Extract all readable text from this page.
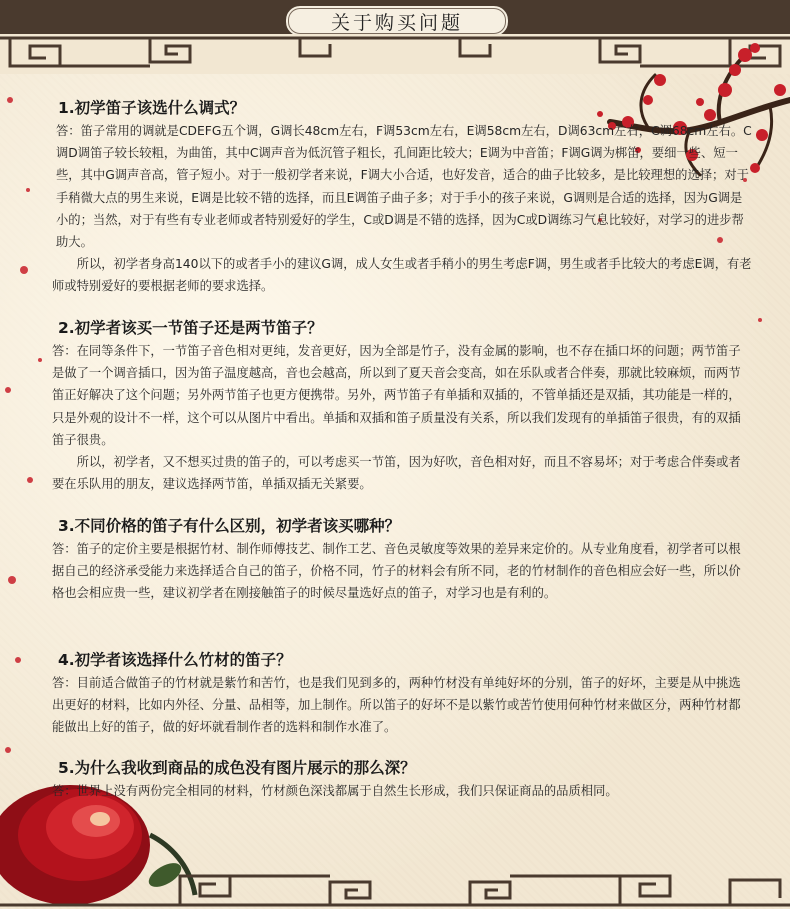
关于购买问题
1.初学笛子该选什么调式？

答：笛子常用的调就是CDEFG五个调，G调长48cm左右，F调53cm左右，E调58cm左右，D调63cm左右，C调68cm左右。C调D调笛子较长较粗，为曲笛，其中C调声音为低沉管子粗长，孔间距比较大；E调为中音笛；F调G调为梆笛，要细一些、短一些，其中G调声音高，管子短小。对于一般初学者来说，F调大小合适，也好发音，适合的曲子比较多，是比较理想的选择；对于手稍微大点的男生来说，E调是比较不错的选择，而且E调笛子曲子多；对于手小的孩子来说，G调则是合适的选择，因为G调是小的；当然，对于有些有专业老师或者特别爱好的学生，C或D调是不错的选择，因为C或D调练习气息比较好，对学习的进步帮助大。

所以，初学者身高140以下的或者手小的建议G调，成人女生或者手稍小的男生考虑F调，男生或者手比较大的考虑E调，有老师或特别爱好的要根据老师的要求选择。

2.初学者该买一节笛子还是两节笛子？

答：在同等条件下，一节笛子音色相对更纯，发音更好，因为全部是竹子，没有金属的影响，也不存在插口坏的问题；两节笛子是做了一个调音插口，因为笛子温度越高，音也会越高，所以到了夏天音会变高，如在乐队或者合伴奏，那就比较麻烦，而两节笛正好解决了这个问题；另外两节笛子也更方便携带。另外，两节笛子有单插和双插的，不管单插还是双插，其功能是一样的，只是外观的设计不一样，这个可以从图片中看出。单插和双插和笛子质量没有关系，所以我们发现有的单插笛子很贵，有的双插笛子很贵。

所以，初学者，又不想买过贵的笛子的，可以考虑买一节笛，因为好吹，音色相对好，而且不容易坏；对于考虑合伴奏或者要在乐队用的朋友，建议选择两节笛，单插双插无关紧要。

3.不同价格的笛子有什么区别，初学者该买哪种？

答：笛子的定价主要是根据竹材、制作师傅技艺、制作工艺、音色灵敏度等效果的差异来定价的。从专业角度看，初学者可以根据自己的经济承受能力来选择适合自己的笛子，价格不同，竹子的材料会有所不同，老的竹材制作的音色相应会好一些，所以价格也会相应贵一些，建议初学者在刚接触笛子的时候尽量选好点的笛子，对学习也是有利的。

4.初学者该选择什么竹材的笛子？

答：目前适合做笛子的竹材就是紫竹和苦竹，也是我们见到多的，两种竹材没有单纯好坏的分别，笛子的好坏，主要是从中挑选出更好的材料，比如内外径、分量、品相等，加上制作。所以笛子的好坏不是以紫竹或苦竹使用何种竹材来做区分，两种竹材都能做出上好的笛子，做的好坏就看制作者的选料和制作水准了。

5.为什么我收到商品的成色没有图片展示的那么深？

答：世界上没有两份完全相同的材料，竹材颜色深浅都属于自然生长形成，我们只保证商品的品质相同。
